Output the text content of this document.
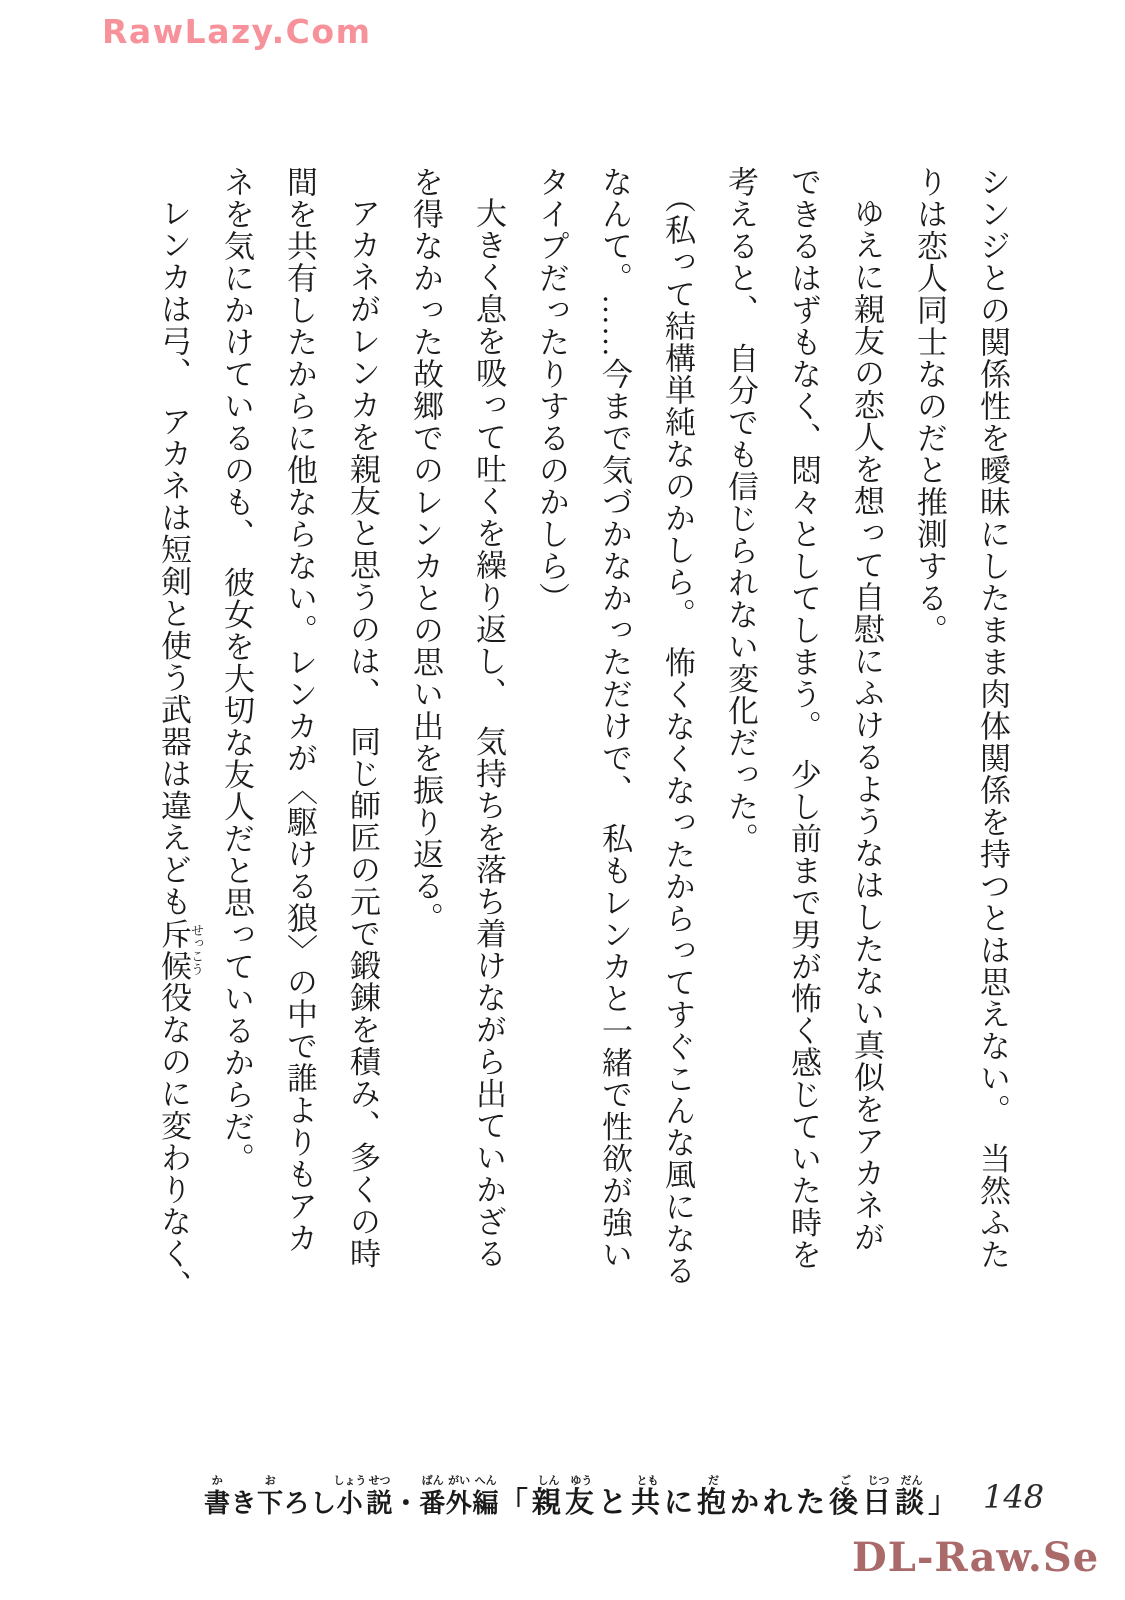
RawLazy.Com
シンジとの関係性を曖昧にしたまま肉体関係を持つとは思えない。　当然ふた
りは恋人同士なのだと推測する。
ゆえに親友の恋人を想って自慰にふけるようなはしたない真似をアカネが
できるはずもなく、悶々としてしまう。　少し前まで男が怖く感じていた時を
考えると、　自分でも信じられない変化だった。
（私って結構単純なのかしら。　怖くなくなったからってすぐこんな風になる
なんて。……今まで気づかなかっただけで、　私もレンカと一緒で性欲が強い
タイプだったりするのかしら）
大きく息を吸って吐くを繰り返し、　気持ちを落ち着けながら出ていかざる
を得なかった故郷でのレンカとの思い出を振り返る。
アカネがレンカを親友と思うのは、　同じ師匠の元で鍛錬を積み、多くの時
間を共有したからに他ならない。レンカが〈駆ける狼〉の中で誰よりもアカ
ネを気にかけているのも、　彼女を大切な友人だと思っているからだ。
レンカは弓、　アカネは短剣と使う武器は違えども斥候せっこう役なのに変わりなく、
書かき下おろし小しょう説せつ・番ばん外がい編へん「親しん友ゆうと共ともに抱だかれた後ご日じつ談だん」 148
DL-Raw.Se
